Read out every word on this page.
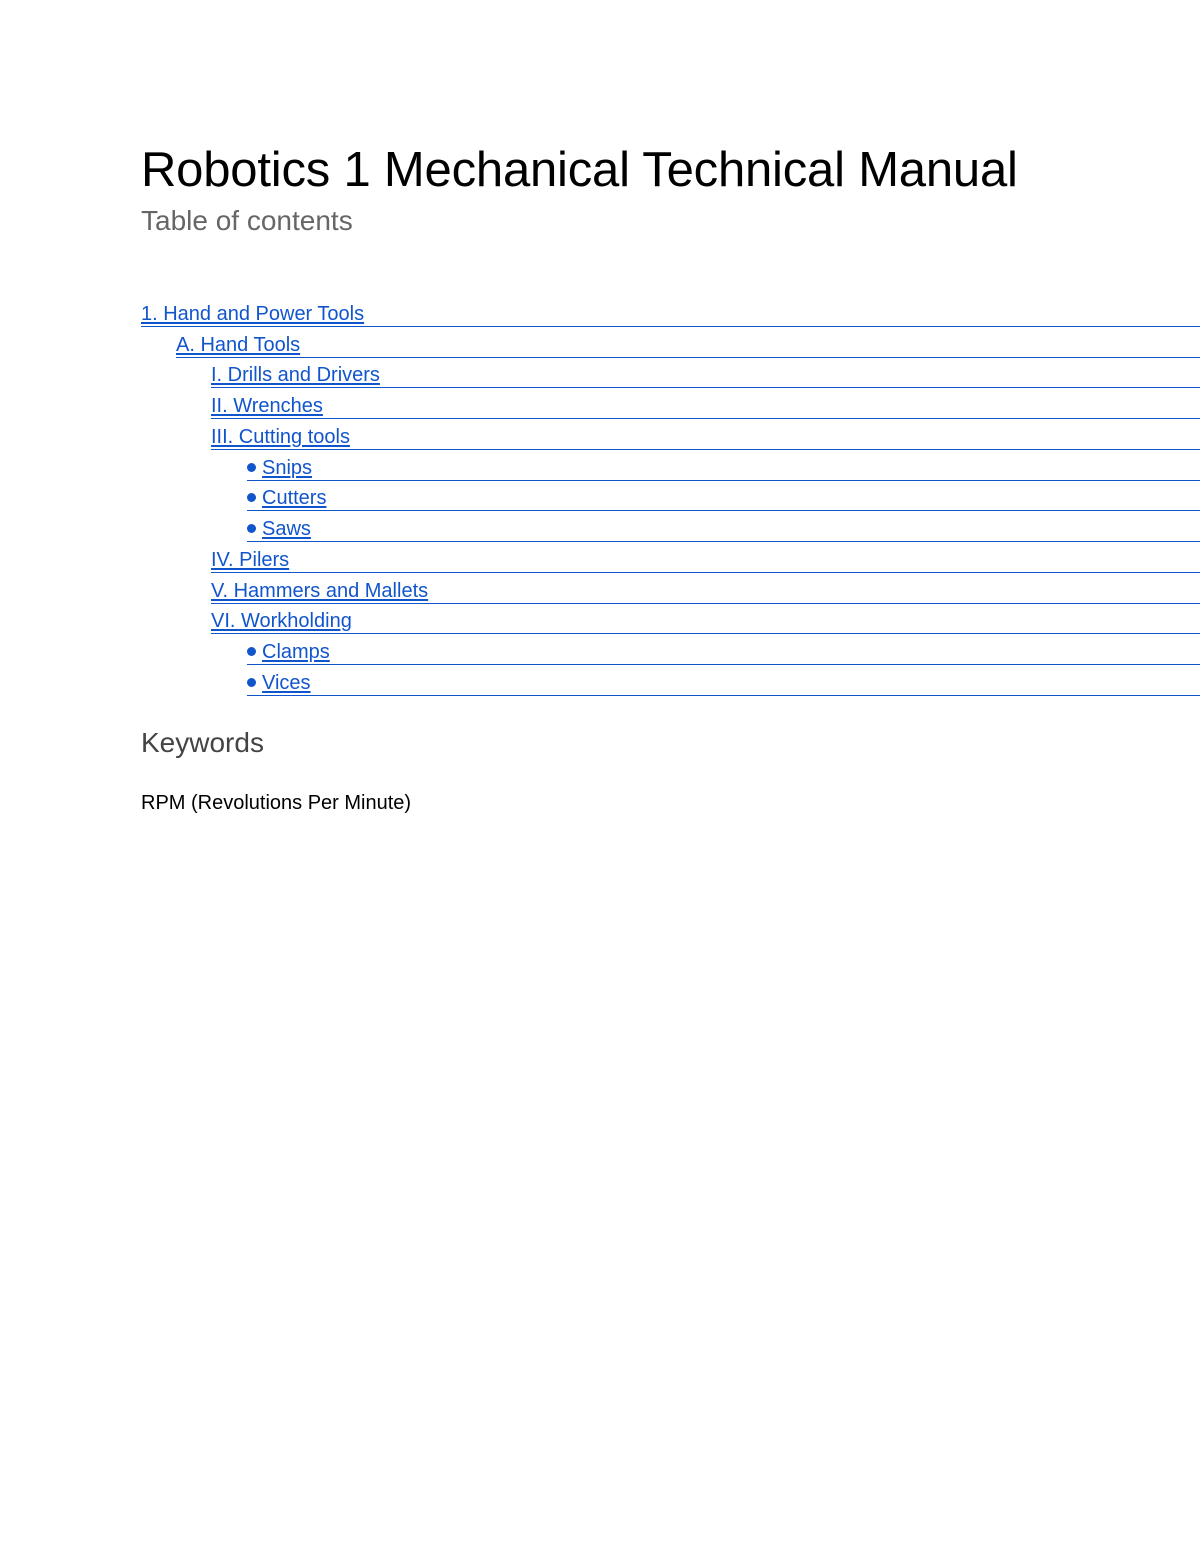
Robotics 1 Mechanical Technical Manual
Table of contents
1. Hand and Power Tools
A. Hand Tools
I. Drills and Drivers
II. Wrenches
III. Cutting tools
Snips
Cutters
Saws
IV. Pilers
V. Hammers and Mallets
VI. Workholding
Clamps
Vices
Keywords

RPM (Revolutions Per Minute)
